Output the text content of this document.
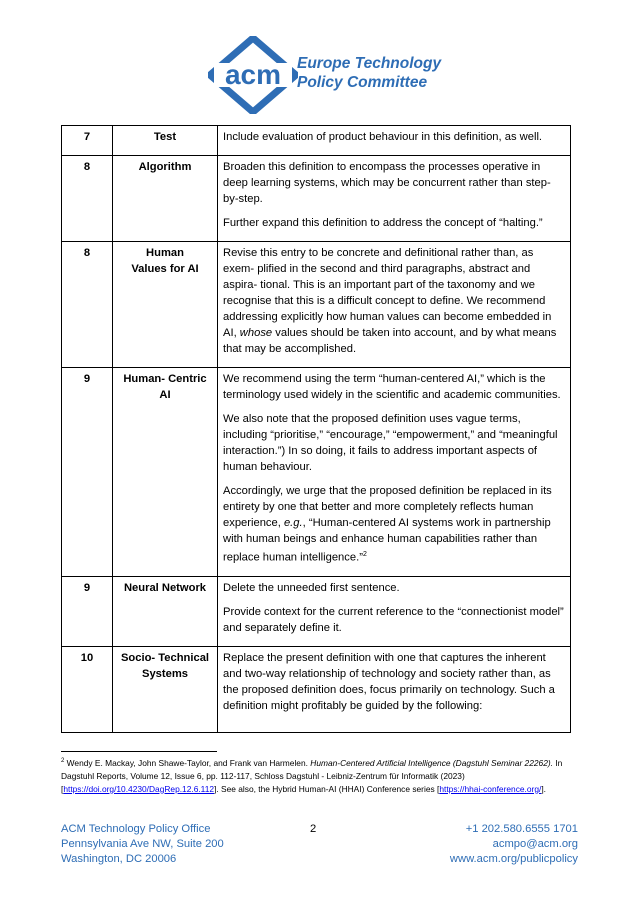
acm Europe Technology
Policy Committee
7	Test	Include evaluation of product behaviour in this definition, as well.

8	Algorithm	Broaden this definition to encompass the processes operative in deep learning systems, which may be concurrent rather than step-by-step.

Further expand this definition to address the concept of “halting.”

8	Human Values for AI	Revise this entry to be concrete and definitional rather than, as exem- plified in the second and third paragraphs, abstract and aspira- tional. This is an important part of the taxonomy and we recognise that this is a difficult concept to define. We recommend addressing explicitly how human values can become embedded in AI, whose values should be taken into account, and by what means that may be accomplished.

9	Human- Centric AI	We recommend using the term “human-centered AI,” which is the terminology used widely in the scientific and academic communities.

We also note that the proposed definition uses vague terms, including “prioritise,” “encourage,” “empowerment,” and “meaningful interaction.”) In so doing, it fails to address important aspects of human behaviour.

Accordingly, we urge that the proposed definition be replaced in its entirety by one that better and more completely reflects human experience, e.g., “Human-centered AI systems work in partnership with human beings and enhance human capabilities rather than replace human intelligence.”$^2$

9	Neural Network	Delete the unneeded first sentence.

Provide context for the current reference to the “connectionist model” and separately define it.

10	Socio- Technical Systems	Replace the present definition with one that captures the inherent and two-way relationship of technology and society rather than, as the proposed definition does, focus primarily on technology. Such a definition might profitably be guided by the following:

$^2$ Wendy E. Mackay, John Shawe-Taylor, and Frank van Harmelen. Human-Centered Artificial Intelligence (Dagstuhl Seminar 22262). In Dagstuhl Reports, Volume 12, Issue 6, pp. 112-117, Schloss Dagstuhl - Leibniz-Zentrum für Informatik (2023) [https://doi.org/10.4230/DagRep.12.6.112]. See also, the Hybrid Human-AI (HHAI) Conference series [https://hhai-conference.org/].
ACM Technology Policy Office
Pennsylvania Ave NW, Suite 200
Washington, DC 20006
2	+1 202.580.6555 1701
acmpo@acm.org
www.acm.org/publicpolicy
